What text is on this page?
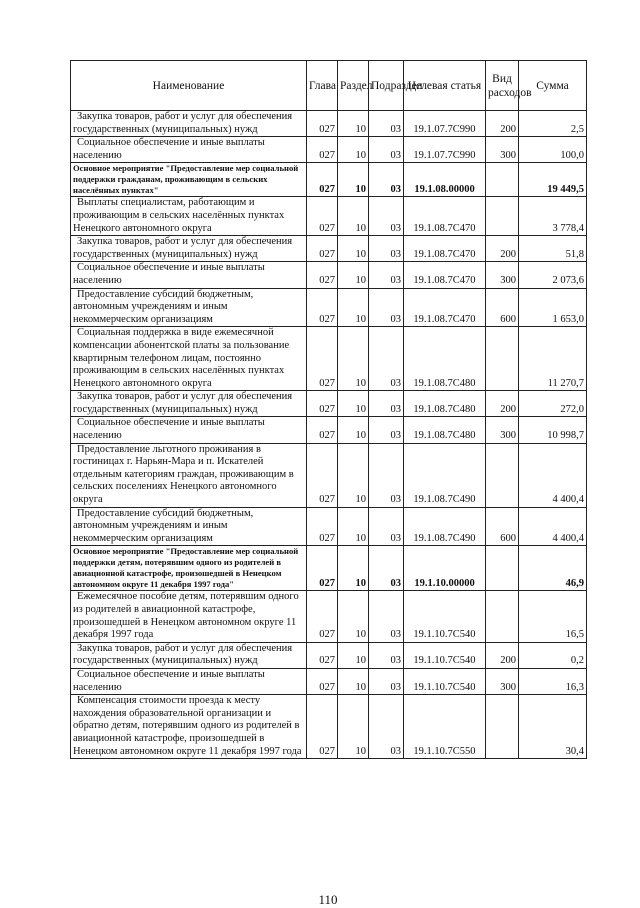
Наименование	Глава	Раздел	Подраздел	Целевая статья	Вид расходов	Сумма
Закупка товаров, работ и услуг для обеспечения государственных (муниципальных) нужд	027	10	03	19.1.07.7C990	200	2,5
Социальное обеспечение и иные выплаты населению	027	10	03	19.1.07.7C990	300	100,0
Основное мероприятие "Предоставление мер социальной поддержки гражданам, проживающим в сельских населённых пунктах"	027	10	03	19.1.08.00000		19 449,5
Выплаты специалистам, работающим и проживающим в сельских населённых пунктах Ненецкого автономного округа	027	10	03	19.1.08.7C470		3 778,4
Закупка товаров, работ и услуг для обеспечения государственных (муниципальных) нужд	027	10	03	19.1.08.7C470	200	51,8
Социальное обеспечение и иные выплаты населению	027	10	03	19.1.08.7C470	300	2 073,6
Предоставление субсидий бюджетным, автономным учреждениям и иным некоммерческим организациям	027	10	03	19.1.08.7C470	600	1 653,0
Социальная поддержка в виде ежемесячной компенсации абонентской платы за пользование квартирным телефоном лицам, постоянно проживающим в сельских населённых пунктах Ненецкого автономного округа	027	10	03	19.1.08.7C480		11 270,7
Закупка товаров, работ и услуг для обеспечения государственных (муниципальных) нужд	027	10	03	19.1.08.7C480	200	272,0
Социальное обеспечение и иные выплаты населению	027	10	03	19.1.08.7C480	300	10 998,7
Предоставление льготного проживания в гостиницах г. Нарьян-Мара и п. Искателей отдельным категориям граждан, проживающим в сельских поселениях Ненецкого автономного округа	027	10	03	19.1.08.7C490		4 400,4
Предоставление субсидий бюджетным, автономным учреждениям и иным некоммерческим организациям	027	10	03	19.1.08.7C490	600	4 400,4
Основное мероприятие "Предоставление мер социальной поддержки детям, потерявшим одного из родителей в авиационной катастрофе, произошедшей в Ненецком автономном округе 11 декабря 1997 года"	027	10	03	19.1.10.00000		46,9
Ежемесячное пособие детям, потерявшим одного из родителей в авиационной катастрофе, произошедшей в Ненецком автономном округе 11 декабря 1997 года	027	10	03	19.1.10.7C540		16,5
Закупка товаров, работ и услуг для обеспечения государственных (муниципальных) нужд	027	10	03	19.1.10.7C540	200	0,2
Социальное обеспечение и иные выплаты населению	027	10	03	19.1.10.7C540	300	16,3
Компенсация стоимости проезда к месту нахождения образовательной организации и обратно детям, потерявшим одного из родителей в авиационной катастрофе, произошедшей в Ненецком автономном округе 11 декабря 1997 года	027	10	03	19.1.10.7C550		30,4
110
